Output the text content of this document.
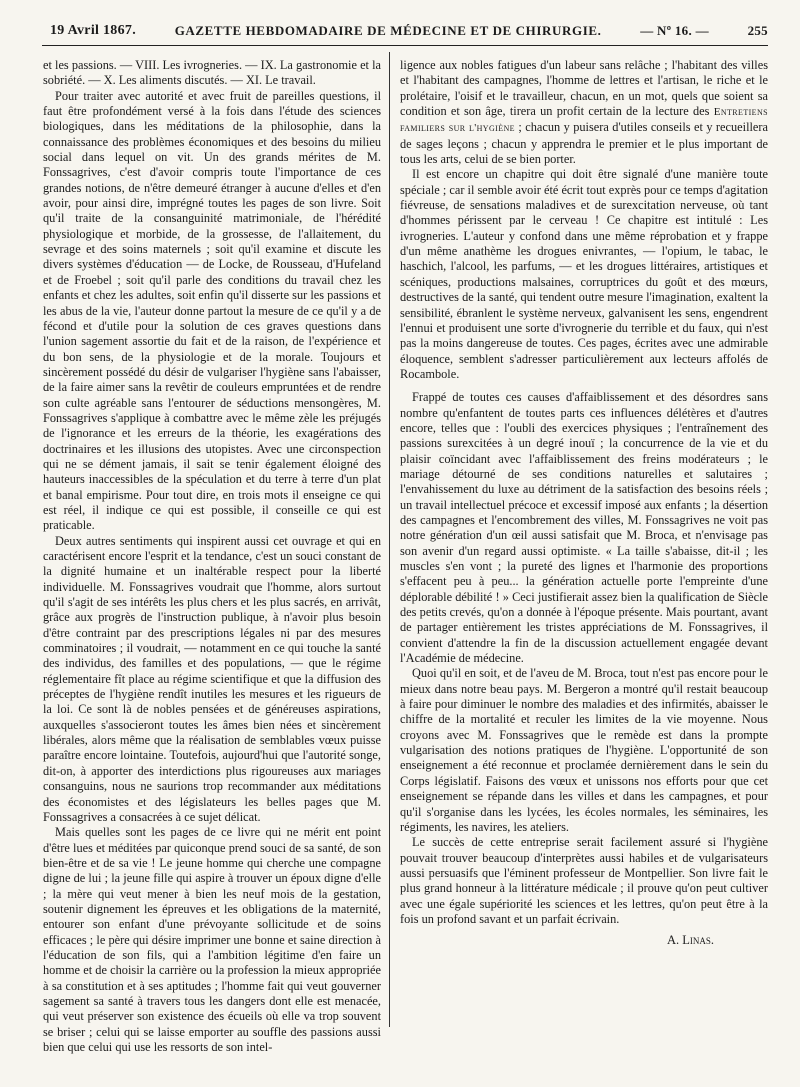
19 Avril 1867.	GAZETTE HEBDOMADAIRE DE MÉDECINE ET DE CHIRURGIE.	— Nº 16. —	255

et les passions. — VIII. Les ivrogneries. — IX. La gastronomie et la sobriété. — X. Les aliments discutés. — XI. Le travail.

Pour traiter avec autorité et avec fruit de pareilles questions, il faut être profondément versé à la fois dans l'étude des sciences biologiques, dans les méditations de la philosophie, dans la connaissance des problèmes économiques et des besoins du milieu social dans lequel on vit. Un des grands mérites de M. Fonssagrives, c'est d'avoir compris toute l'importance de ces grandes notions, de n'être demeuré étranger à aucune d'elles et d'en avoir, pour ainsi dire, imprégné toutes les pages de son livre. Soit qu'il traite de la consanguinité matrimoniale, de l'hérédité physiologique et morbide, de la grossesse, de l'allaitement, du sevrage et des soins maternels ; soit qu'il examine et discute les divers systèmes d'éducation — de Locke, de Rousseau, d'Hufeland et de Froebel ; soit qu'il parle des conditions du travail chez les enfants et chez les adultes, soit enfin qu'il disserte sur les passions et les abus de la vie, l'auteur donne partout la mesure de ce qu'il y a de fécond et d'utile pour la solution de ces graves questions dans l'union sagement assortie du fait et de la raison, de l'expérience et du bon sens, de la physiologie et de la morale. Toujours et sincèrement possédé du désir de vulgariser l'hygiène sans l'abaisser, de la faire aimer sans la revêtir de couleurs empruntées et de rendre son culte agréable sans l'entourer de séductions mensongères, M. Fonssagrives s'applique à combattre avec le même zèle les préjugés de l'ignorance et les erreurs de la théorie, les exagérations des doctrinaires et les illusions des utopistes. Avec une circonspection qui ne se dément jamais, il sait se tenir également éloigné des hauteurs inaccessibles de la spéculation et du terre à terre d'un plat et banal empirisme. Pour tout dire, en trois mots il enseigne ce qui est réel, il indique ce qui est possible, il conseille ce qui est praticable.

Deux autres sentiments qui inspirent aussi cet ouvrage et qui en caractérisent encore l'esprit et la tendance, c'est un souci constant de la dignité humaine et un inaltérable respect pour la liberté individuelle. M. Fonssagrives voudrait que l'homme, alors surtout qu'il s'agit de ses intérêts les plus chers et les plus sacrés, en arrivât, grâce aux progrès de l'instruction publique, à n'avoir plus besoin d'être contraint par des prescriptions légales ni par des mesures comminatoires ; il voudrait, — notamment en ce qui touche la santé des individus, des familles et des populations, — que le régime réglementaire fît place au régime scientifique et que la diffusion des préceptes de l'hygiène rendît inutiles les mesures et les rigueurs de la loi. Ce sont là de nobles pensées et de généreuses aspirations, auxquelles s'associeront toutes les âmes bien nées et sincèrement libérales, alors même que la réalisation de semblables vœux puisse paraître encore lointaine. Toutefois, aujourd'hui que l'autorité songe, dit-on, à apporter des interdictions plus rigoureuses aux mariages consanguins, nous ne saurions trop recommander aux méditations des économistes et des législateurs les belles pages que M. Fonssagrives a consacrées à ce sujet délicat.

Mais quelles sont les pages de ce livre qui ne mérit ent point d'être lues et méditées par quiconque prend souci de sa santé, de son bien-être et de sa vie ! Le jeune homme qui cherche une compagne digne de lui ; la jeune fille qui aspire à trouver un époux digne d'elle ; la mère qui veut mener à bien les neuf mois de la gestation, soutenir dignement les épreuves et les obligations de la maternité, entourer son enfant d'une prévoyante sollicitude et de soins efficaces ; le père qui désire imprimer une bonne et saine direction à l'éducation de son fils, qui a l'ambition légitime d'en faire un homme et de choisir la carrière ou la profession la mieux appropriée à sa constitution et à ses aptitudes ; l'homme fait qui veut gouverner sagement sa santé à travers tous les dangers dont elle est menacée, qui veut préserver son existence des écueils où elle va trop souvent se briser ; celui qui se laisse emporter au souffle des passions aussi bien que celui qui use les ressorts de son intel-

ligence aux nobles fatigues d'un labeur sans relâche ; l'habitant des villes et l'habitant des campagnes, l'homme de lettres et l'artisan, le riche et le prolétaire, l'oisif et le travailleur, chacun, en un mot, quels que soient sa condition et son âge, tirera un profit certain de la lecture des Entretiens familiers sur l'hygiène ; chacun y puisera d'utiles conseils et y recueillera de sages leçons ; chacun y apprendra le premier et le plus important de tous les arts, celui de se bien porter.

Il est encore un chapitre qui doit être signalé d'une manière toute spéciale ; car il semble avoir été écrit tout exprès pour ce temps d'agitation fiévreuse, de sensations maladives et de surexcitation nerveuse, où tant d'hommes périssent par le cerveau ! Ce chapitre est intitulé : Les ivrogneries. L'auteur y confond dans une même réprobation et y frappe d'un même anathème les drogues enivrantes, — l'opium, le tabac, le haschich, l'alcool, les parfums, — et les drogues littéraires, artistiques et scéniques, productions malsaines, corruptrices du goût et des mœurs, destructives de la santé, qui tendent outre mesure l'imagination, exaltent la sensibilité, ébranlent le système nerveux, galvanisent les sens, engendrent l'ennui et produisent une sorte d'ivrognerie du terrible et du faux, qui n'est pas la moins dangereuse de toutes. Ces pages, écrites avec une admirable éloquence, semblent s'adresser particulièrement aux lecteurs affolés de Rocambole.

Frappé de toutes ces causes d'affaiblissement et des désordres sans nombre qu'enfantent de toutes parts ces influences délétères et d'autres encore, telles que : l'oubli des exercices physiques ; l'entraînement des passions surexcitées à un degré inouï ; la concurrence de la vie et du plaisir coïncidant avec l'affaiblissement des freins modérateurs ; le mariage détourné de ses conditions naturelles et salutaires ; l'envahissement du luxe au détriment de la satisfaction des besoins réels ; un travail intellectuel précoce et excessif imposé aux enfants ; la désertion des campagnes et l'encombrement des villes, M. Fonssagrives ne voit pas notre génération d'un œil aussi satisfait que M. Broca, et n'envisage pas son avenir d'un regard aussi optimiste. « La taille s'abaisse, dit-il ; les muscles s'en vont ; la pureté des lignes et l'harmonie des proportions s'effacent peu à peu... la génération actuelle porte l'empreinte d'une déplorable débilité ! » Ceci justifierait assez bien la qualification de Siècle des petits crevés, qu'on a donnée à l'époque présente. Mais pourtant, avant de partager entièrement les tristes appréciations de M. Fonssagrives, il convient d'attendre la fin de la discussion actuellement engagée devant l'Académie de médecine.

Quoi qu'il en soit, et de l'aveu de M. Broca, tout n'est pas encore pour le mieux dans notre beau pays. M. Bergeron a montré qu'il restait beaucoup à faire pour diminuer le nombre des maladies et des infirmités, abaisser le chiffre de la mortalité et reculer les limites de la vie moyenne. Nous croyons avec M. Fonssagrives que le remède est dans la prompte vulgarisation des notions pratiques de l'hygiène. L'opportunité de son enseignement a été reconnue et proclamée dernièrement dans le sein du Corps législatif. Faisons des vœux et unissons nos efforts pour que cet enseignement se répande dans les villes et dans les campagnes, et pour qu'il s'organise dans les lycées, les écoles normales, les séminaires, les régiments, les navires, les ateliers.

Le succès de cette entreprise serait facilement assuré si l'hygiène pouvait trouver beaucoup d'interprètes aussi habiles et de vulgarisateurs aussi persuasifs que l'éminent professeur de Montpellier. Son livre fait le plus grand honneur à la littérature médicale ; il prouve qu'on peut cultiver avec une égale supériorité les sciences et les lettres, qu'on peut être à la fois un profond savant et un parfait écrivain.

A. Linas.
